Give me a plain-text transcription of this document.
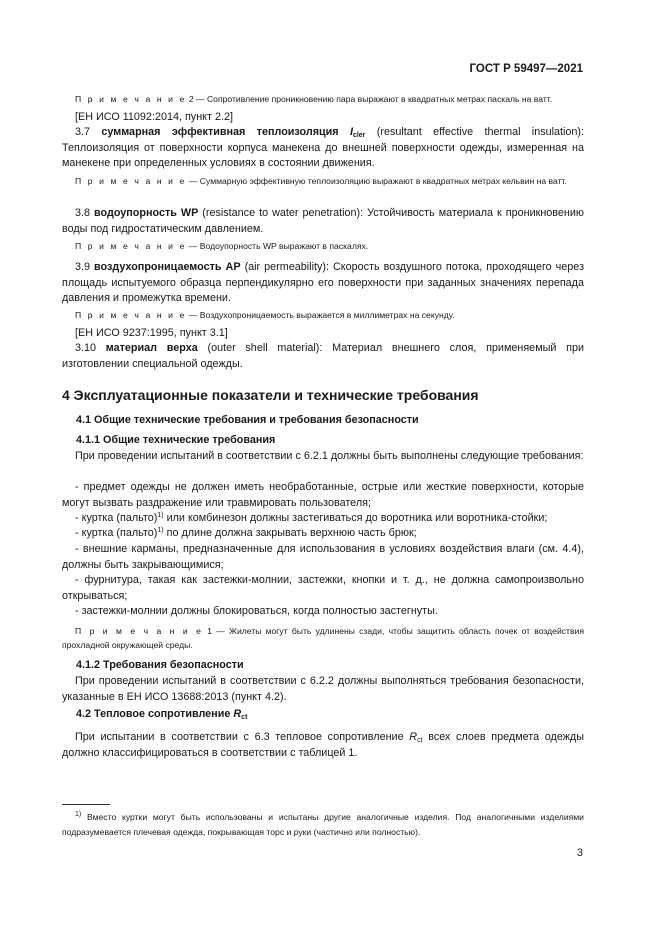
ГОСТ Р 59497—2021
П р и м е ч а н и е 2 — Сопротивление проникновению пара выражают в квадратных метрах паскаль на ватт.
[ЕН ИСО 11092:2014, пункт 2.2]
3.7 суммарная эффективная теплоизоляция $I_{cler}$ (resultant effective thermal insulation): Теплоизоляция от поверхности корпуса манекена до внешней поверхности одежды, измеренная на манекене при определенных условиях в состоянии движения.
П р и м е ч а н и е — Суммарную эффективную теплоизоляцию выражают в квадратных метрах кельвин на ватт.
3.8 водоупорность WP (resistance to water penetration): Устойчивость материала к проникновению воды под гидростатическим давлением.
П р и м е ч а н и е — Водоупорность WP выражают в паскалях.
3.9 воздухопроницаемость AP (air permeability): Скорость воздушного потока, проходящего через площадь испытуемого образца перпендикулярно его поверхности при заданных значениях перепада давления и промежутка времени.
П р и м е ч а н и е — Воздухопроницаемость выражается в миллиметрах на секунду.
[ЕН ИСО 9237:1995, пункт 3.1]
3.10 материал верха (outer shell material): Материал внешнего слоя, применяемый при изготовлении специальной одежды.
4 Эксплуатационные показатели и технические требования
4.1 Общие технические требования и требования безопасности
4.1.1 Общие технические требования
При проведении испытаний в соответствии с 6.2.1 должны быть выполнены следующие требования:
- предмет одежды не должен иметь необработанные, острые или жесткие поверхности, которые могут вызвать раздражение или травмировать пользователя;
- куртка (пальто)$^{1)}$ или комбинезон должны застегиваться до воротника или воротника-стойки;
- куртка (пальто)$^{1)}$ по длине должна закрывать верхнюю часть брюк;
- внешние карманы, предназначенные для использования в условиях воздействия влаги (см. 4.4), должны быть закрывающимися;
- фурнитура, такая как застежки-молнии, застежки, кнопки и т. д., не должна самопроизвольно открываться;
- застежки-молнии должны блокироваться, когда полностью застегнуты.
П р и м е ч а н и е 1 — Жилеты могут быть удлинены сзади, чтобы защитить область почек от воздействия прохладной окружающей среды.
4.1.2 Требования безопасности
При проведении испытаний в соответствии с 6.2.2 должны выполняться требования безопасности, указанные в ЕН ИСО 13688:2013 (пункт 4.2).
4.2 Тепловое сопротивление $R_{ct}$
При испытании в соответствии с 6.3 тепловое сопротивление $R_{ct}$ всех слоев предмета одежды должно классифицироваться в соответствии с таблицей 1.
$^{1)}$ Вместо куртки могут быть использованы и испытаны другие аналогичные изделия. Под аналогичными изделиями подразумевается плечевая одежда, покрывающая торс и руки (частично или полностью).
3
